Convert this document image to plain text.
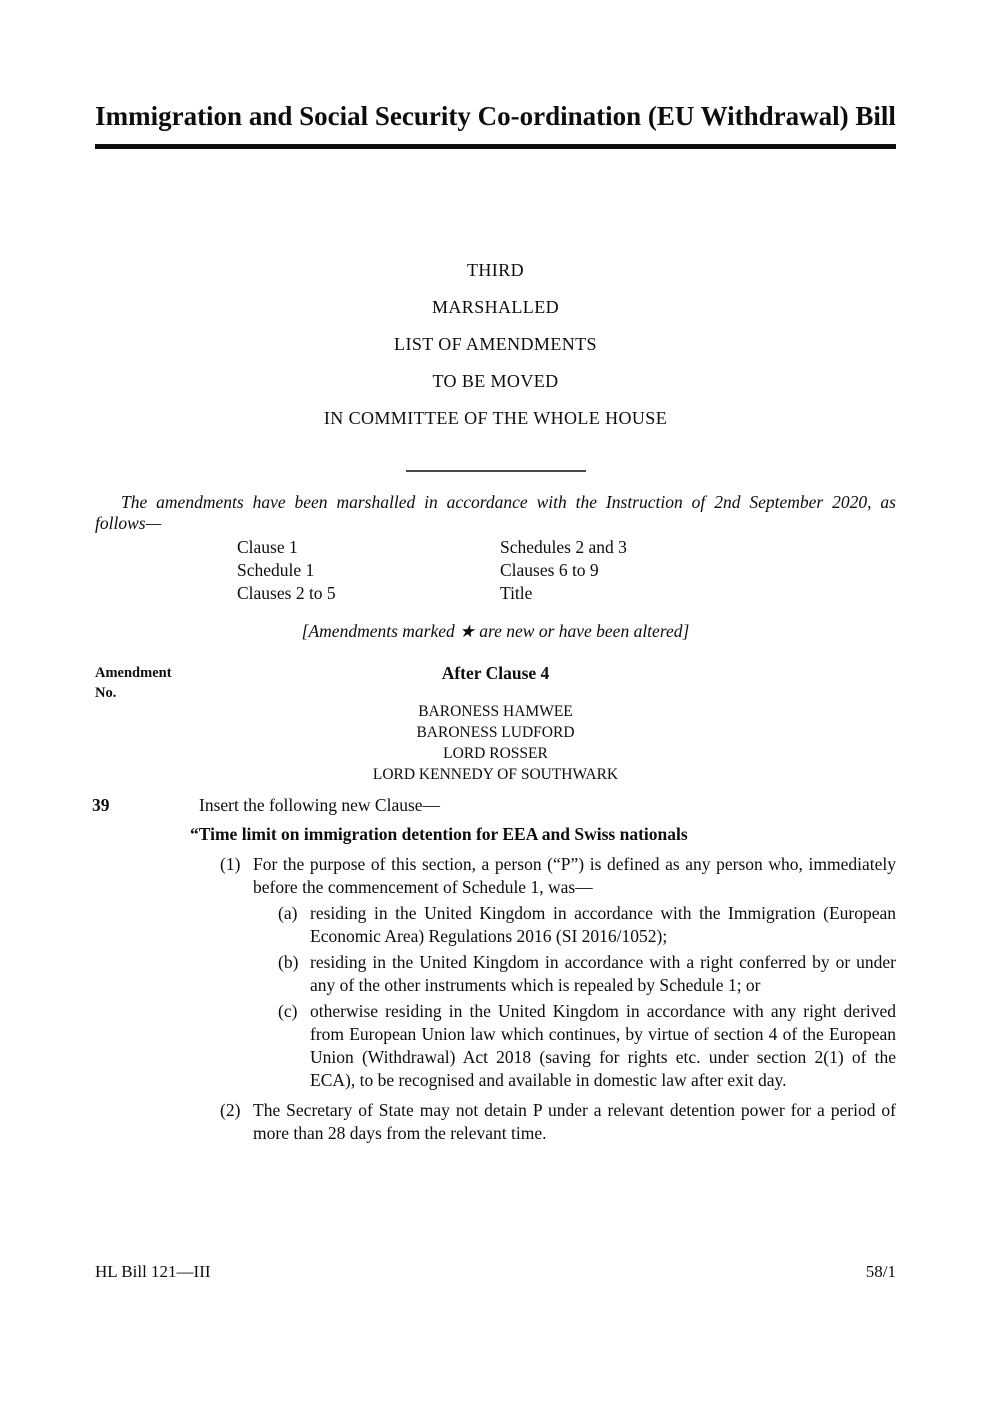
Immigration and Social Security Co-ordination (EU Withdrawal) Bill
THIRD
MARSHALLED
LIST OF AMENDMENTS
TO BE MOVED
IN COMMITTEE OF THE WHOLE HOUSE
The amendments have been marshalled in accordance with the Instruction of 2nd September 2020, as
follows—
Clause 1
Schedule 1
Clauses 2 to 5
Schedules 2 and 3
Clauses 6 to 9
Title
[Amendments marked ★ are new or have been altered]
Amendment
No.
After Clause 4
BARONESS HAMWEE
BARONESS LUDFORD
LORD ROSSER
LORD KENNEDY OF SOUTHWARK
39	Insert the following new Clause—
“Time limit on immigration detention for EEA and Swiss nationals
(1) For the purpose of this section, a person (“P”) is defined as any person who, immediately before the commencement of Schedule 1, was—
(a) residing in the United Kingdom in accordance with the Immigration (European Economic Area) Regulations 2016 (SI 2016/1052);
(b) residing in the United Kingdom in accordance with a right conferred by or under any of the other instruments which is repealed by Schedule 1; or
(c) otherwise residing in the United Kingdom in accordance with any right derived from European Union law which continues, by virtue of section 4 of the European Union (Withdrawal) Act 2018 (saving for rights etc. under section 2(1) of the ECA), to be recognised and available in domestic law after exit day.
(2) The Secretary of State may not detain P under a relevant detention power for a period of more than 28 days from the relevant time.
HL Bill 121—III	58/1
